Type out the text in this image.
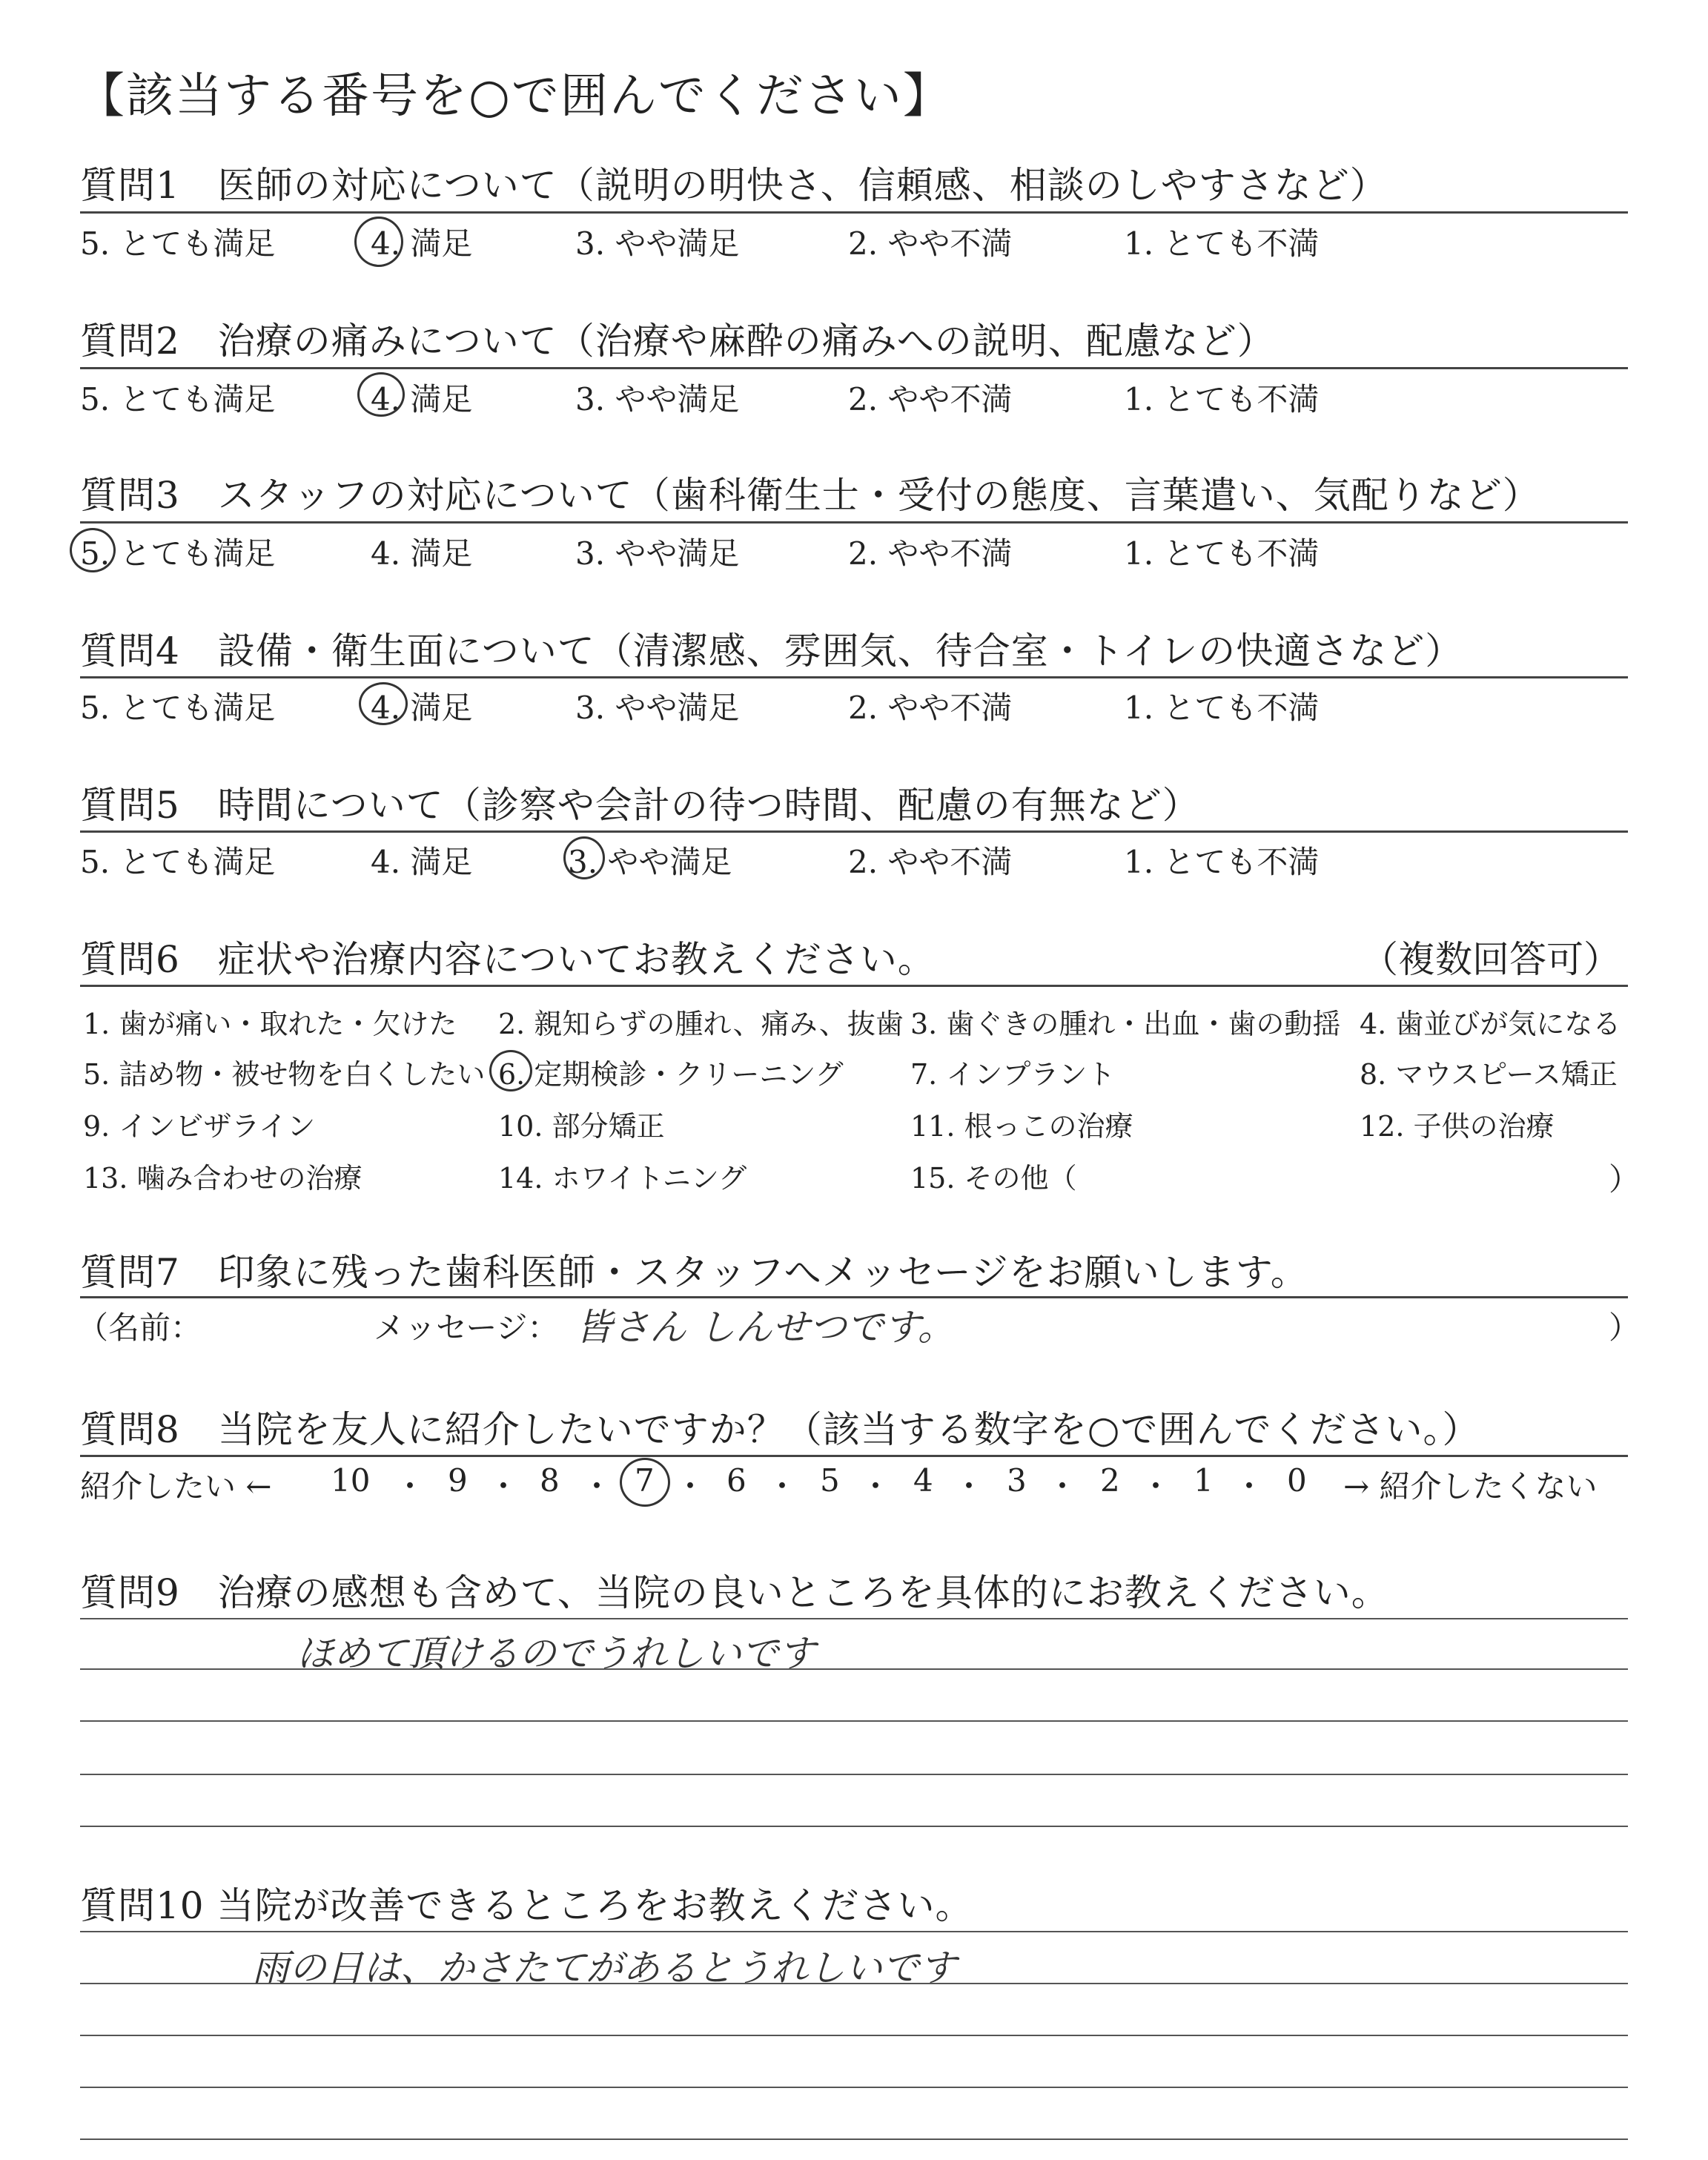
【該当する番号を○で囲んでください】
質問1　医師の対応について（説明の明快さ、信頼感、相談のしやすさなど）
5. とても満足	4. 満足	3. やや満足	2. やや不満	1. とても不満
質問2　治療の痛みについて（治療や麻酔の痛みへの説明、配慮など）
5. とても満足	4. 満足	3. やや満足	2. やや不満	1. とても不満
質問3　スタッフの対応について（歯科衛生士・受付の態度、言葉遣い、気配りなど）
5. とても満足	4. 満足	3. やや満足	2. やや不満	1. とても不満
質問4　設備・衛生面について（清潔感、雰囲気、待合室・トイレの快適さなど）
5. とても満足	4. 満足	3. やや満足	2. やや不満	1. とても不満
質問5　時間について（診察や会計の待つ時間、配慮の有無など）
5. とても満足	4. 満足	3. やや満足	2. やや不満	1. とても不満
質問6　症状や治療内容についてお教えください。	（複数回答可）
1. 歯が痛い・取れた・欠けた 2. 親知らずの腫れ、痛み、抜歯 3. 歯ぐきの腫れ・出血・歯の動揺 4. 歯並びが気になる
5. 詰め物・被せ物を白くしたい 6. 定期検診・クリーニング 7. インプラント	8. マウスピース矯正
9. インビザライン	10. 部分矯正	11. 根っこの治療	12. 子供の治療
13. 噛み合わせの治療	14. ホワイトニング	15. その他（	）
質問7　印象に残った歯科医師・スタッフへメッセージをお願いします。
（名前：	メッセージ： 皆さん しんせつです。	）
質問8　当院を友人に紹介したいですか？（該当する数字を○で囲んでください。）
紹介したい ← 10 ・ 9 ・ 8 ・ 7 ・ 6 ・ 5 ・ 4 ・ 3 ・ 2 ・ 1 ・ 0 → 紹介したくない
質問9　治療の感想も含めて、当院の良いところを具体的にお教えください。
ほめて頂けるのでうれしいです
質問10 当院が改善できるところをお教えください。
雨の日は、かさたてがあるとうれしいです
